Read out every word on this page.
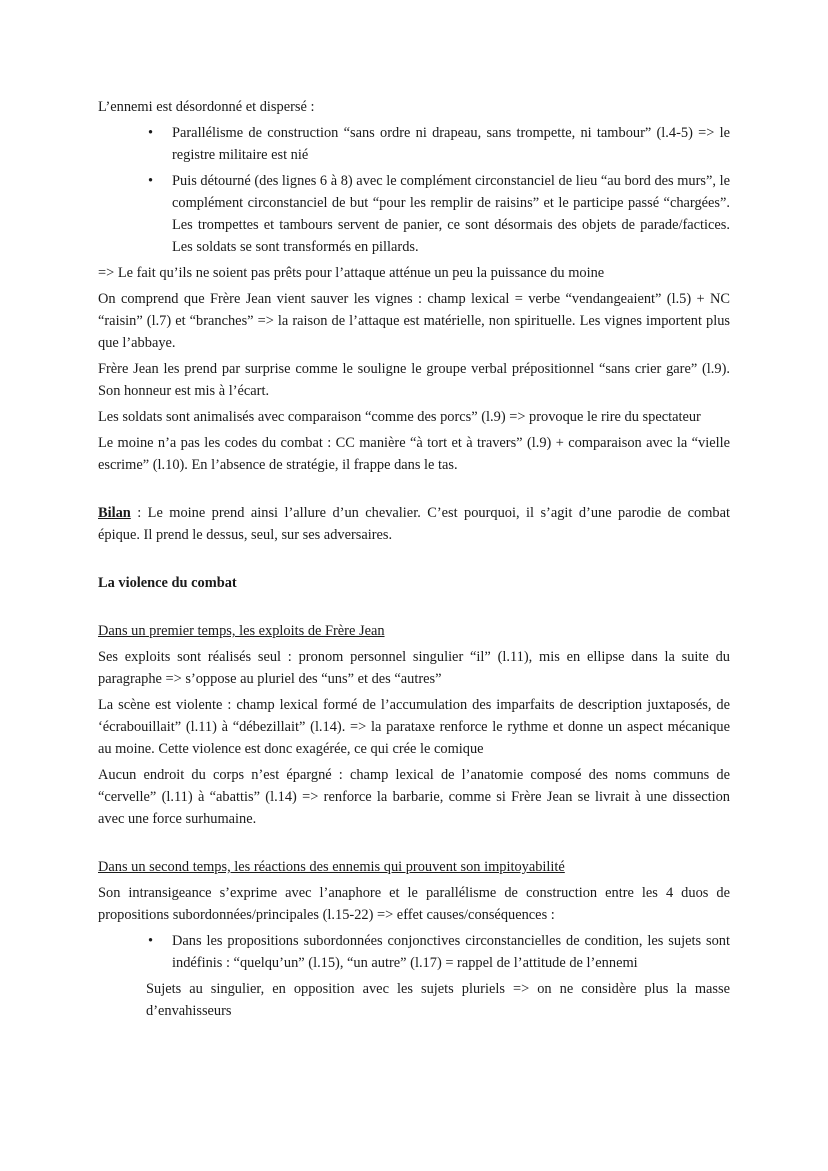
L’ennemi est désordonné et dispersé :

• Parallélisme de construction “sans ordre ni drapeau, sans trompette, ni tambour” (l.4-5) => le registre militaire est nié
• Puis détourné (des lignes 6 à 8) avec le complément circonstanciel de lieu “au bord des murs”, le complément circonstanciel de but “pour les remplir de raisins” et le participe passé “chargées”. Les trompettes et tambours servent de panier, ce sont désormais des objets de parade/factices. Les soldats se sont transformés en pillards.

=> Le fait qu’ils ne soient pas prêts pour l’attaque atténue un peu la puissance du moine

On comprend que Frère Jean vient sauver les vignes : champ lexical = verbe “vendangeaient” (l.5) + NC “raisin” (l.7) et “branches” => la raison de l’attaque est matérielle, non spirituelle. Les vignes importent plus que l’abbaye.

Frère Jean les prend par surprise comme le souligne le groupe verbal prépositionnel “sans crier gare” (l.9). Son honneur est mis à l’écart.

Les soldats sont animalisés avec comparaison “comme des porcs” (l.9) => provoque le rire du spectateur

Le moine n’a pas les codes du combat : CC manière “à tort et à travers” (l.9) + comparaison avec la “vielle escrime” (l.10). En l’absence de stratégie, il frappe dans le tas.

Bilan : Le moine prend ainsi l’allure d’un chevalier. C’est pourquoi, il s’agit d’une parodie de combat épique. Il prend le dessus, seul, sur ses adversaires.

La violence du combat

Dans un premier temps, les exploits de Frère Jean

Ses exploits sont réalisés seul : pronom personnel singulier “il” (l.11), mis en ellipse dans la suite du paragraphe => s’oppose au pluriel des “uns” et des “autres”

La scène est violente : champ lexical formé de l’accumulation des imparfaits de description juxtaposés, de ‘écrabouillait” (l.11) à “débezillait” (l.14). => la parataxe renforce le rythme et donne un aspect mécanique au moine. Cette violence est donc exagérée, ce qui crée le comique

Aucun endroit du corps n’est épargné : champ lexical de l’anatomie composé des noms communs de “cervelle” (l.11) à “abattis” (l.14) => renforce la barbarie, comme si Frère Jean se livrait à une dissection avec une force surhumaine.

Dans un second temps, les réactions des ennemis qui prouvent son impitoyabilité

Son intransigeance s’exprime avec l’anaphore et le parallélisme de construction entre les 4 duos de propositions subordonnées/principales (l.15-22) => effet causes/conséquences :

• Dans les propositions subordonnées conjonctives circonstancielles de condition, les sujets sont indéfinis : “quelqu’un” (l.15), “un autre” (l.17) = rappel de l’attitude de l’ennemi

Sujets au singulier, en opposition avec les sujets pluriels => on ne considère plus la masse d’envahisseurs
